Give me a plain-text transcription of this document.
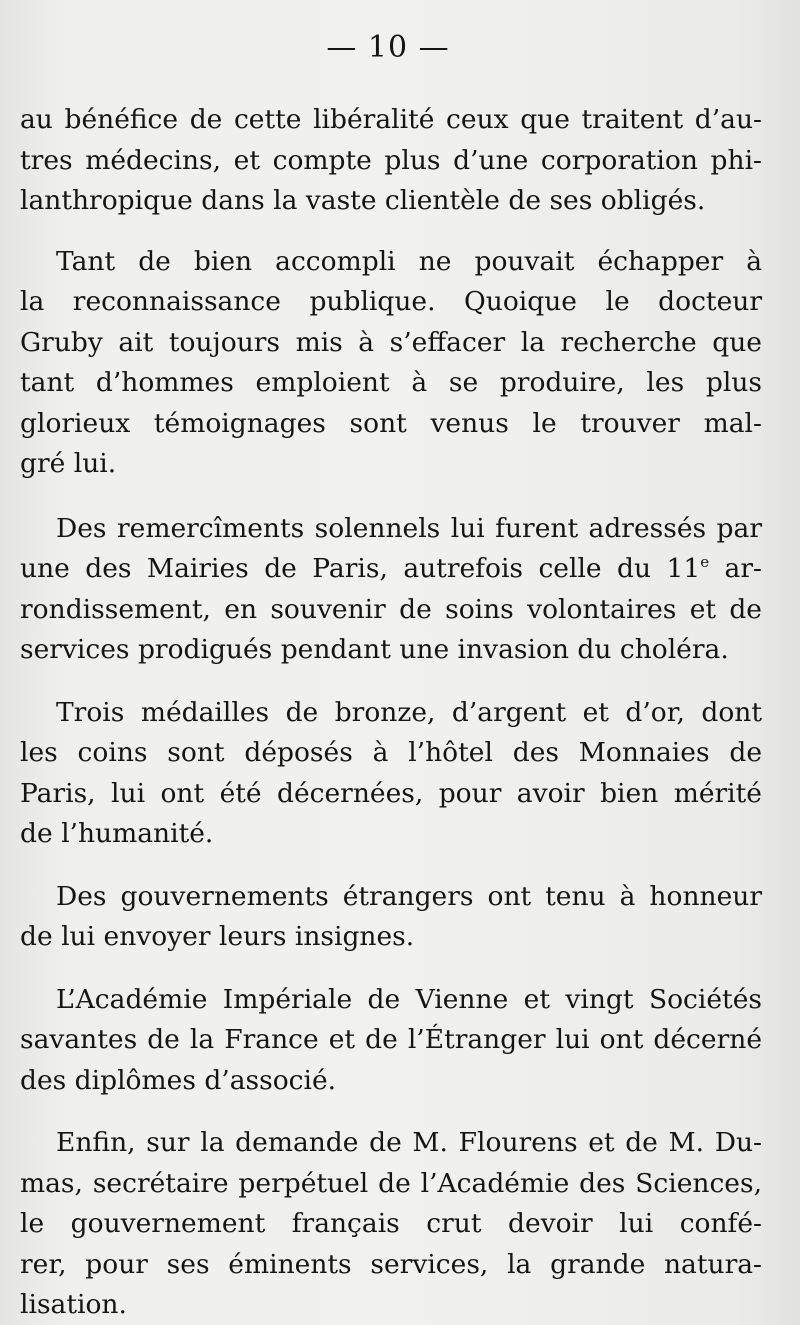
— 10 —

au bénéfice de cette libéralité ceux que traitent d’au-
tres médecins, et compte plus d’une corporation phi-
lanthropique dans la vaste clientèle de ses obligés.

Tant de bien accompli ne pouvait échapper à
la reconnaissance publique. Quoique le docteur
Gruby ait toujours mis à s’effacer la recherche que
tant d’hommes emploient à se produire, les plus
glorieux témoignages sont venus le trouver mal-
gré lui.

Des remercîments solennels lui furent adressés par
une des Mairies de Paris, autrefois celle du 11e ar-
rondissement, en souvenir de soins volontaires et de
services prodigués pendant une invasion du choléra.

Trois médailles de bronze, d’argent et d’or, dont
les coins sont déposés à l’hôtel des Monnaies de
Paris, lui ont été décernées, pour avoir bien mérité
de l’humanité.

Des gouvernements étrangers ont tenu à honneur
de lui envoyer leurs insignes.

L’Académie Impériale de Vienne et vingt Sociétés
savantes de la France et de l’Étranger lui ont décerné
des diplômes d’associé.

Enfin, sur la demande de M. Flourens et de M. Du-
mas, secrétaire perpétuel de l’Académie des Sciences,
le gouvernement français crut devoir lui confé-
rer, pour ses éminents services, la grande natura-
lisation.
